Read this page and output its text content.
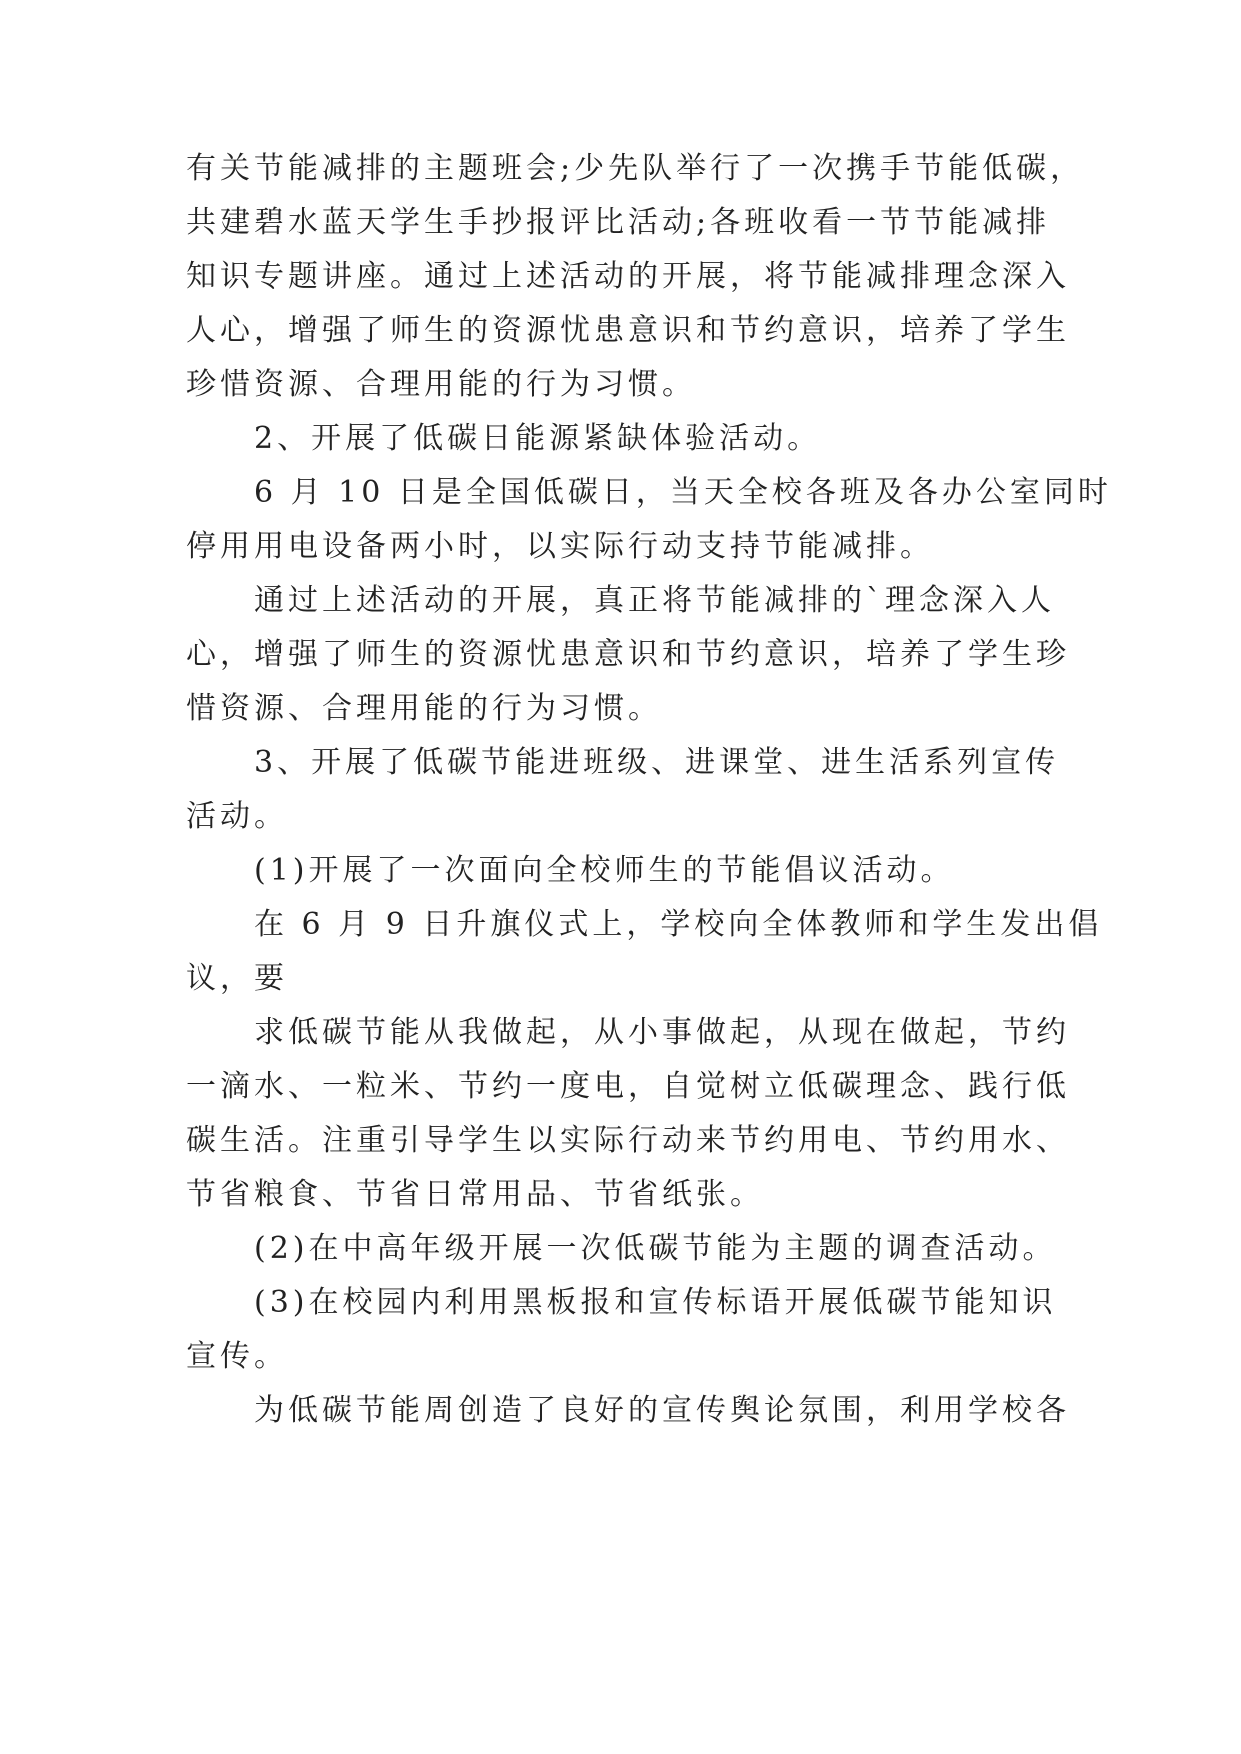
有关节能减排的主题班会;少先队举行了一次携手节能低碳，
共建碧水蓝天学生手抄报评比活动;各班收看一节节能减排
知识专题讲座。通过上述活动的开展，将节能减排理念深入
人心，增强了师生的资源忧患意识和节约意识，培养了学生
珍惜资源、合理用能的行为习惯。
2、开展了低碳日能源紧缺体验活动。
6 月 10 日是全国低碳日，当天全校各班及各办公室同时
停用用电设备两小时，以实际行动支持节能减排。
通过上述活动的开展，真正将节能减排的`理念深入人
心，增强了师生的资源忧患意识和节约意识，培养了学生珍
惜资源、合理用能的行为习惯。
3、开展了低碳节能进班级、进课堂、进生活系列宣传
活动。
(1)开展了一次面向全校师生的节能倡议活动。
在 6 月 9 日升旗仪式上，学校向全体教师和学生发出倡
议，要
求低碳节能从我做起，从小事做起，从现在做起，节约
一滴水、一粒米、节约一度电，自觉树立低碳理念、践行低
碳生活。注重引导学生以实际行动来节约用电、节约用水、
节省粮食、节省日常用品、节省纸张。
(2)在中高年级开展一次低碳节能为主题的调查活动。
(3)在校园内利用黑板报和宣传标语开展低碳节能知识
宣传。
为低碳节能周创造了良好的宣传舆论氛围，利用学校各
